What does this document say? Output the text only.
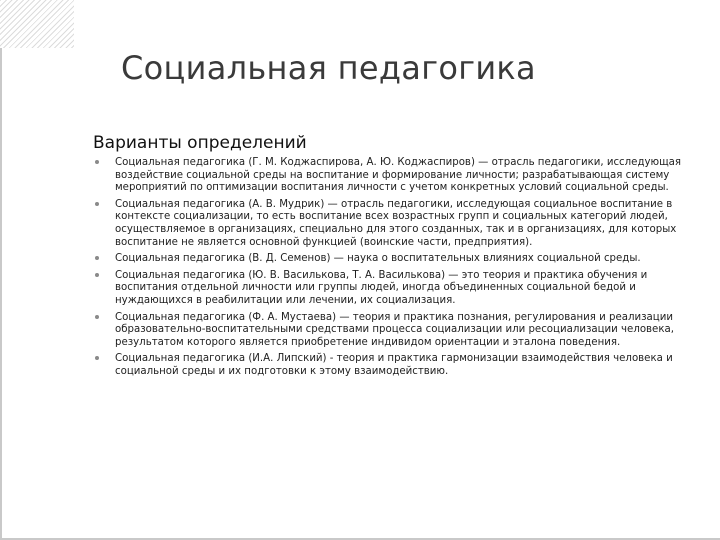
Социальная педагогика
Варианты определений
Социальная педагогика (Г. М. Коджаспирова, А. Ю. Коджаспиров) — отрасль педагогики, исследующая воздействие социальной среды на воспитание и формирование личности; разрабатывающая систему мероприятий по оптимизации воспитания личности с учетом конкретных условий социальной среды.
Социальная педагогика (А. В. Мудрик) — отрасль педагогики, исследующая социальное воспитание в контексте социализации, то есть воспитание всех возрастных групп и социальных категорий людей, осуществляемое в организациях, специально для этого созданных, так и в организациях, для которых воспитание не является основной функцией (воинские части, предприятия).
Социальная педагогика (В. Д. Семенов) — наука о воспитательных влияниях социальной среды.
Социальная педагогика (Ю. В. Василькова, Т. А. Василькова) — это теория и практика обучения и воспитания отдельной личности или группы людей, иногда объединенных социальной бедой и нуждающихся в реабилитации или лечении, их социализация.
Социальная педагогика (Ф. А. Мустаева) — теория и практика познания, регулирования и реализации образовательно-воспитательными средствами процесса социализации или ресоциализации человека, результатом которого является приобретение индивидом ориентации и эталона поведения.
Социальная педагогика (И.А. Липский) - теория и практика гармонизации взаимодействия человека и социальной среды и их подготовки к этому взаимодействию.
